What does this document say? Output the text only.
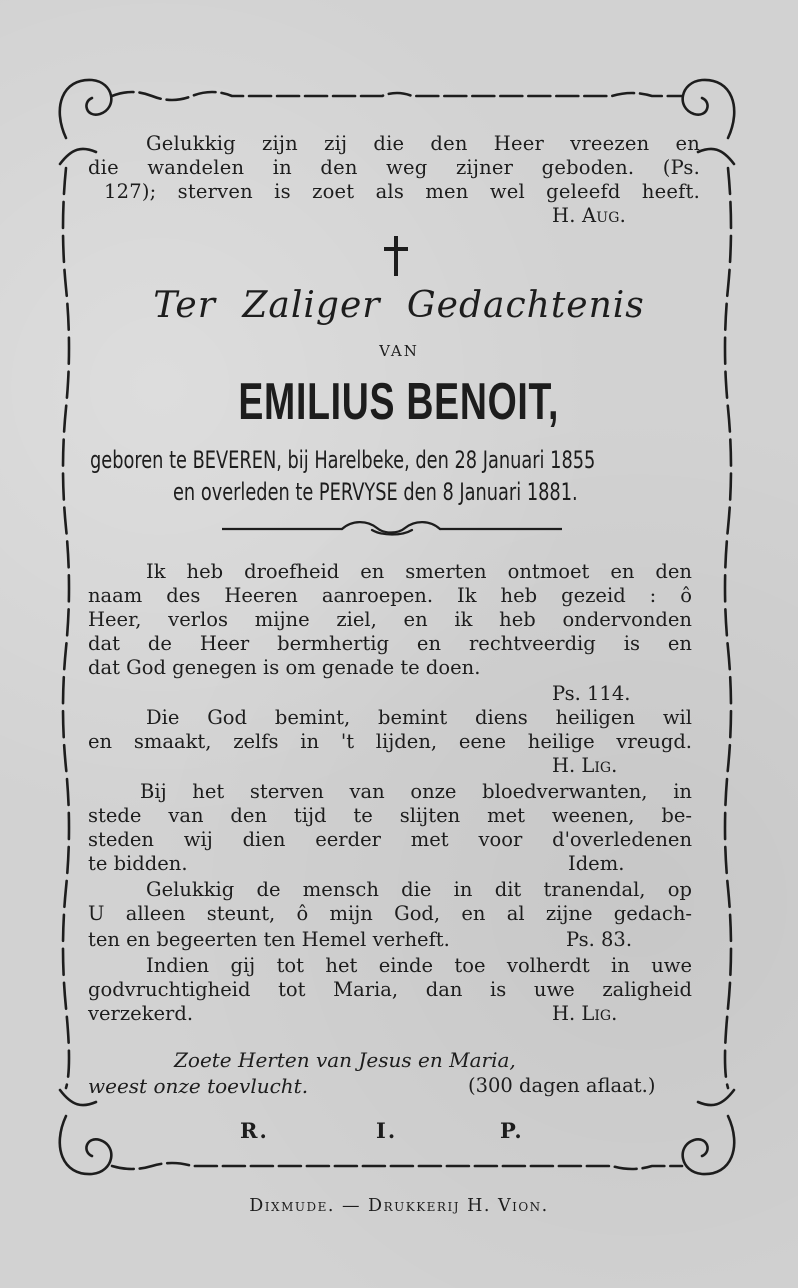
Gelukkig zijn zij die den Heer vreezen en
die wandelen in den weg zijner geboden. (Ps.
127); sterven is zoet als men wel geleefd heeft.
H. Aug.
Ter Zaliger Gedachtenis
VAN
EMILIUS BENOIT,
geboren te BEVEREN, bij Harelbeke, den 28 Januari 1855
en overleden te PERVYSE den 8 Januari 1881.
Ik heb droefheid en smerten ontmoet en den
naam des Heeren aanroepen. Ik heb gezeid : ô
Heer, verlos mijne ziel, en ik heb ondervonden
dat de Heer bermhertig en rechtveerdig is en
dat God genegen is om genade te doen.
Ps. 114.
Die God bemint, bemint diens heiligen wil
en smaakt, zelfs in 't lijden, eene heilige vreugd.
H. Lig.
Bij het sterven van onze bloedverwanten, in
stede van den tijd te slijten met weenen, be-
steden wij dien eerder met voor d'overledenen
te bidden.	Idem.
Gelukkig de mensch die in dit tranendal, op
U alleen steunt, ô mijn God, en al zijne gedach-
ten en begeerten ten Hemel verheft.	Ps. 83.
Indien gij tot het einde toe volherdt in uwe
godvruchtigheid tot Maria, dan is uwe zaligheid
verzekerd.	H. Lig.
Zoete Herten van Jesus en Maria,
weest onze toevlucht.	(300 dagen aflaat.)
R.	I.	P.
Dixmude. — Drukkerij H. Vion.
